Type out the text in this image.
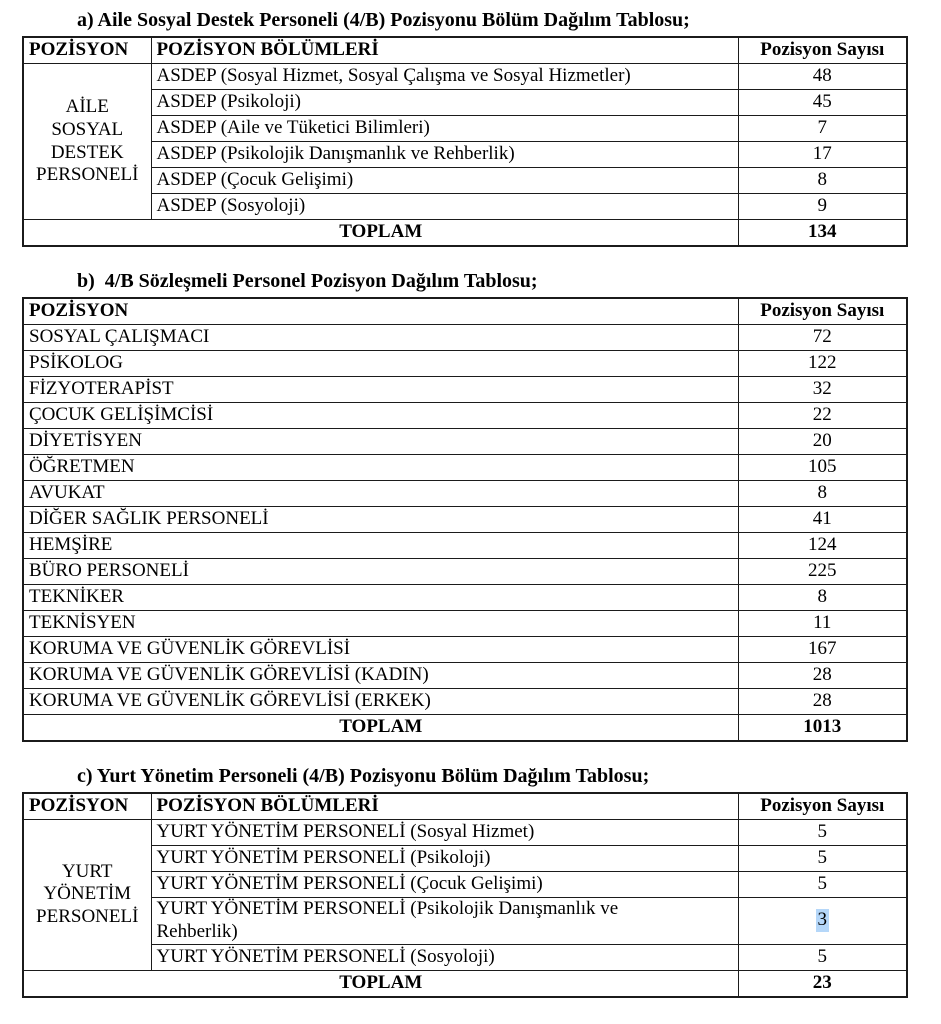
a) Aile Sosyal Destek Personeli (4/B) Pozisyonu Bölüm Dağılım Tablosu;
POZİSYON	POZİSYON BÖLÜMLERİ	Pozisyon Sayısı
AİLE SOSYAL DESTEK PERSONELİ	ASDEP (Sosyal Hizmet, Sosyal Çalışma ve Sosyal Hizmetler)	48
	ASDEP (Psikoloji)	45
	ASDEP (Aile ve Tüketici Bilimleri)	7
	ASDEP (Psikolojik Danışmanlık ve Rehberlik)	17
	ASDEP (Çocuk Gelişimi)	8
	ASDEP (Sosyoloji)	9
TOPLAM		134
b)  4/B Sözleşmeli Personel Pozisyon Dağılım Tablosu;
POZİSYON	Pozisyon Sayısı
SOSYAL ÇALIŞMACI	72
PSİKOLOG	122
FİZYOTERAPİST	32
ÇOCUK GELİŞİMCİSİ	22
DİYETİSYEN	20
ÖĞRETMEN	105
AVUKAT	8
DİĞER SAĞLIK PERSONELİ	41
HEMŞİRE	124
BÜRO PERSONELİ	225
TEKNİKER	8
TEKNİSYEN	11
KORUMA VE GÜVENLİK GÖREVLİSİ	167
KORUMA VE GÜVENLİK GÖREVLİSİ (KADIN)	28
KORUMA VE GÜVENLİK GÖREVLİSİ (ERKEK)	28
TOPLAM	1013
c) Yurt Yönetim Personeli (4/B) Pozisyonu Bölüm Dağılım Tablosu;
POZİSYON	POZİSYON BÖLÜMLERİ	Pozisyon Sayısı
YURT YÖNETİM PERSONELİ	YURT YÖNETİM PERSONELİ (Sosyal Hizmet)	5
	YURT YÖNETİM PERSONELİ (Psikoloji)	5
	YURT YÖNETİM PERSONELİ (Çocuk Gelişimi)	5
	YURT YÖNETİM PERSONELİ (Psikolojik Danışmanlık ve Rehberlik)	3
	YURT YÖNETİM PERSONELİ (Sosyoloji)	5
TOPLAM		23
